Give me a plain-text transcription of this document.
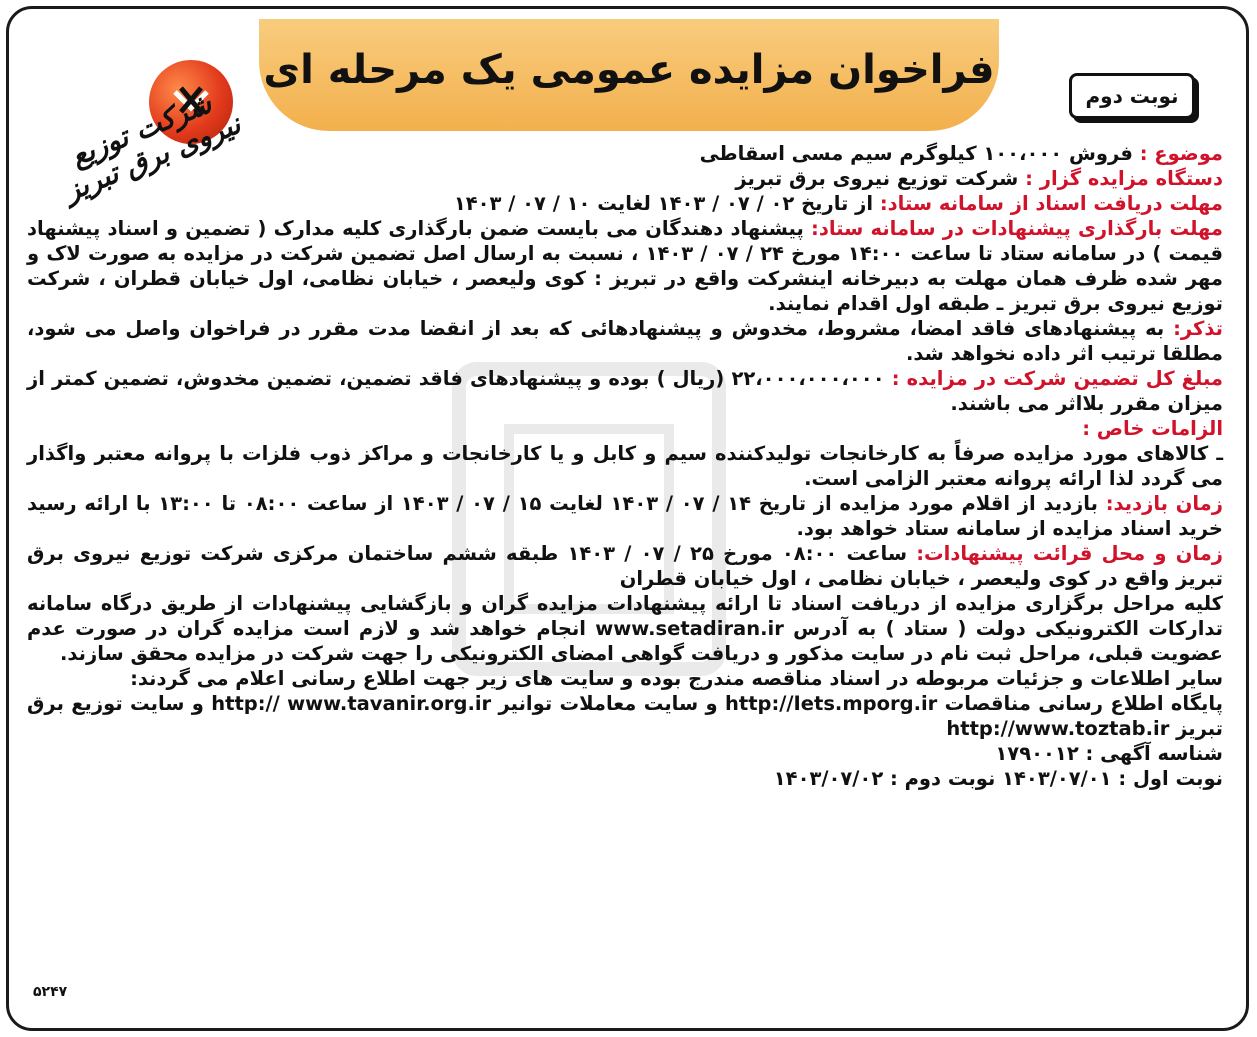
فراخوان مزایده عمومی یک مرحله ای
نوبت دوم
شرکت توزیع نیروی برق تبریز	موضوع : فروش ۱۰۰،۰۰۰ کیلوگرم سیم مسی اسقاطی

دستگاه مزایده گزار : شرکت توزیع نیروی برق تبریز

مهلت دریافت اسناد از سامانه ستاد: از تاریخ ۰۲ / ۰۷ / ۱۴۰۳ لغایت ۱۰ / ۰۷ / ۱۴۰۳

مهلت بارگذاری پیشنهادات در سامانه ستاد: پیشنهاد دهندگان می بایست ضمن بارگذاری کلیه مدارک ( تضمین و اسناد پیشنهاد قیمت ) در سامانه ستاد تا ساعت ۱۴:۰۰ مورخ ۲۴ / ۰۷ / ۱۴۰۳ ، نسبت به ارسال اصل تضمین شرکت در مزایده به صورت لاک و مهر شده ظرف همان مهلت به دبیرخانه اینشرکت واقع در تبریز : کوی ولیعصر ، خیابان نظامی، اول خیابان قطران ، شرکت توزیع نیروی برق تبریز ـ طبقه اول اقدام نمایند.

تذکر: به پیشنهادهای فاقد امضا، مشروط، مخدوش و پیشنهادهائی که بعد از انقضا مدت مقرر در فراخوان واصل می شود، مطلقا ترتیب اثر داده نخواهد شد.

مبلغ کل تضمین شرکت در مزایده : ۲۲،۰۰۰،۰۰۰،۰۰۰ (ریال ) بوده و پیشنهادهای فاقد تضمین، تضمین مخدوش، تضمین کمتر از میزان مقرر بلااثر می باشند.

الزامات خاص :

ـ کالاهای مورد مزایده صرفاً به کارخانجات تولیدکننده سیم و کابل و یا کارخانجات و مراکز ذوب فلزات با پروانه معتبر واگذار می گردد لذا ارائه پروانه معتبر الزامی است.

زمان بازدید: بازدید از اقلام مورد مزایده از تاریخ ۱۴ / ۰۷ / ۱۴۰۳ لغایت ۱۵ / ۰۷ / ۱۴۰۳ از ساعت ۰۸:۰۰ تا ۱۳:۰۰ با ارائه رسید خرید اسناد مزایده از سامانه ستاد خواهد بود.

زمان و محل قرائت پیشنهادات: ساعت ۰۸:۰۰ مورخ ۲۵ / ۰۷ / ۱۴۰۳ طبقه ششم ساختمان مرکزی شرکت توزیع نیروی برق تبریز واقع در کوی ولیعصر ، خیابان نظامی ، اول خیابان قطران

کلیه مراحل برگزاری مزایده از دریافت اسناد تا ارائه پیشنهادات مزایده گران و بازگشایی پیشنهادات از طریق درگاه سامانه تدارکات الکترونیکی دولت ( ستاد ) به آدرس www.setadiran.ir انجام خواهد شد و لازم است مزایده گران در صورت عدم عضویت قبلی، مراحل ثبت نام در سایت مذکور و دریافت گواهی امضای الکترونیکی را جهت شرکت در مزایده محقق سازند.

سایر اطلاعات و جزئیات مربوطه در اسناد مناقصه مندرج بوده و سایت های زیر جهت اطلاع رسانی اعلام می گردند:

پایگاه اطلاع رسانی مناقصات http://Iets.mporg.ir و سایت معاملات توانیر http:// www.tavanir.org.ir و سایت توزیع برق تبریز http://www.toztab.ir

شناسه آگهی : ۱۷۹۰۰۱۲

نوبت اول : ۱۴۰۳/۰۷/۰۱ نوبت دوم : ۱۴۰۳/۰۷/۰۲

۵۲۴۷
